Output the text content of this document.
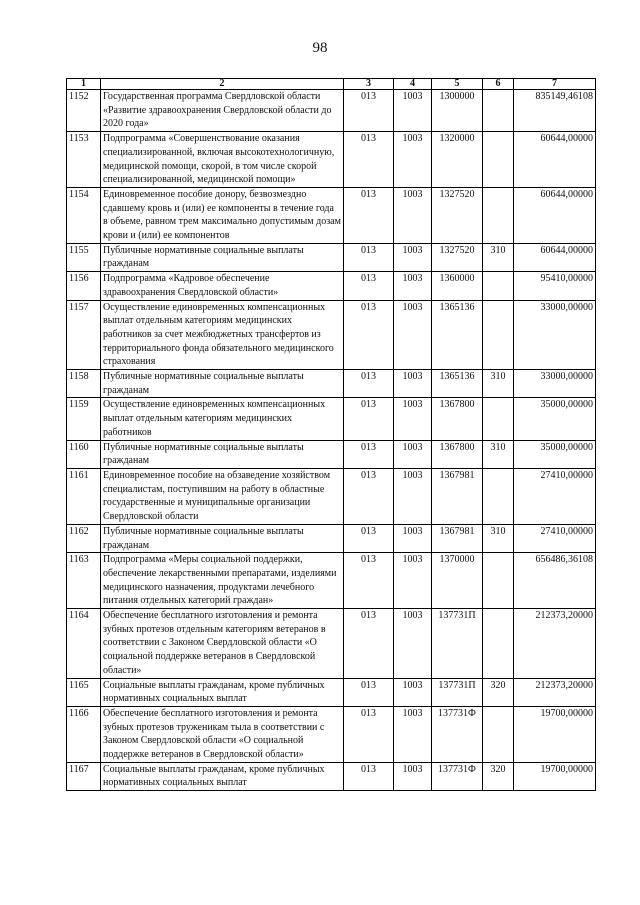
98
1	2	3	4	5	6	7
1152	Государственная программа Свердловской области «Развитие здравоохранения Свердловской области до 2020 года»	013	1003	1300000		835149,46108
1153	Подпрограмма «Совершенствование оказания специализированной, включая высокотехнологичную, медицинской помощи, скорой, в том числе скорой специализированной, медицинской помощи»	013	1003	1320000		60644,00000
1154	Единовременное пособие донору, безвозмездно сдавшему кровь и (или) ее компоненты в течение года в объеме, равном трем максимально допустимым дозам крови и (или) ее компонентов	013	1003	1327520		60644,00000
1155	Публичные нормативные социальные выплаты гражданам	013	1003	1327520	310	60644,00000
1156	Подпрограмма «Кадровое обеспечение здравоохранения Свердловской области»	013	1003	1360000		95410,00000
1157	Осуществление единовременных компенсационных выплат отдельным категориям медицинских работников за счет межбюджетных трансфертов из территориального фонда обязательного медицинского страхования	013	1003	1365136		33000,00000
1158	Публичные нормативные социальные выплаты гражданам	013	1003	1365136	310	33000,00000
1159	Осуществление единовременных компенсационных выплат отдельным категориям медицинских работников	013	1003	1367800		35000,00000
1160	Публичные нормативные социальные выплаты гражданам	013	1003	1367800	310	35000,00000
1161	Единовременное пособие на обзаведение хозяйством специалистам, поступившим на работу в областные государственные и муниципальные организации Свердловской области	013	1003	1367981		27410,00000
1162	Публичные нормативные социальные выплаты гражданам	013	1003	1367981	310	27410,00000
1163	Подпрограмма «Меры социальной поддержки, обеспечение лекарственными препаратами, изделиями медицинского назначения, продуктами лечебного питания отдельных категорий граждан»	013	1003	1370000		656486,36108
1164	Обеспечение бесплатного изготовления и ремонта зубных протезов отдельным категориям ветеранов в соответствии с Законом Свердловской области «О социальной поддержке ветеранов в Свердловской области»	013	1003	137731П		212373,20000
1165	Социальные выплаты гражданам, кроме публичных нормативных социальных выплат	013	1003	137731П	320	212373,20000
1166	Обеспечение бесплатного изготовления и ремонта зубных протезов труженикам тыла в соответствии с Законом Свердловской области «О социальной поддержке ветеранов в Свердловской области»	013	1003	137731Ф		19700,00000
1167	Социальные выплаты гражданам, кроме публичных нормативных социальных выплат	013	1003	137731Ф	320	19700,00000
